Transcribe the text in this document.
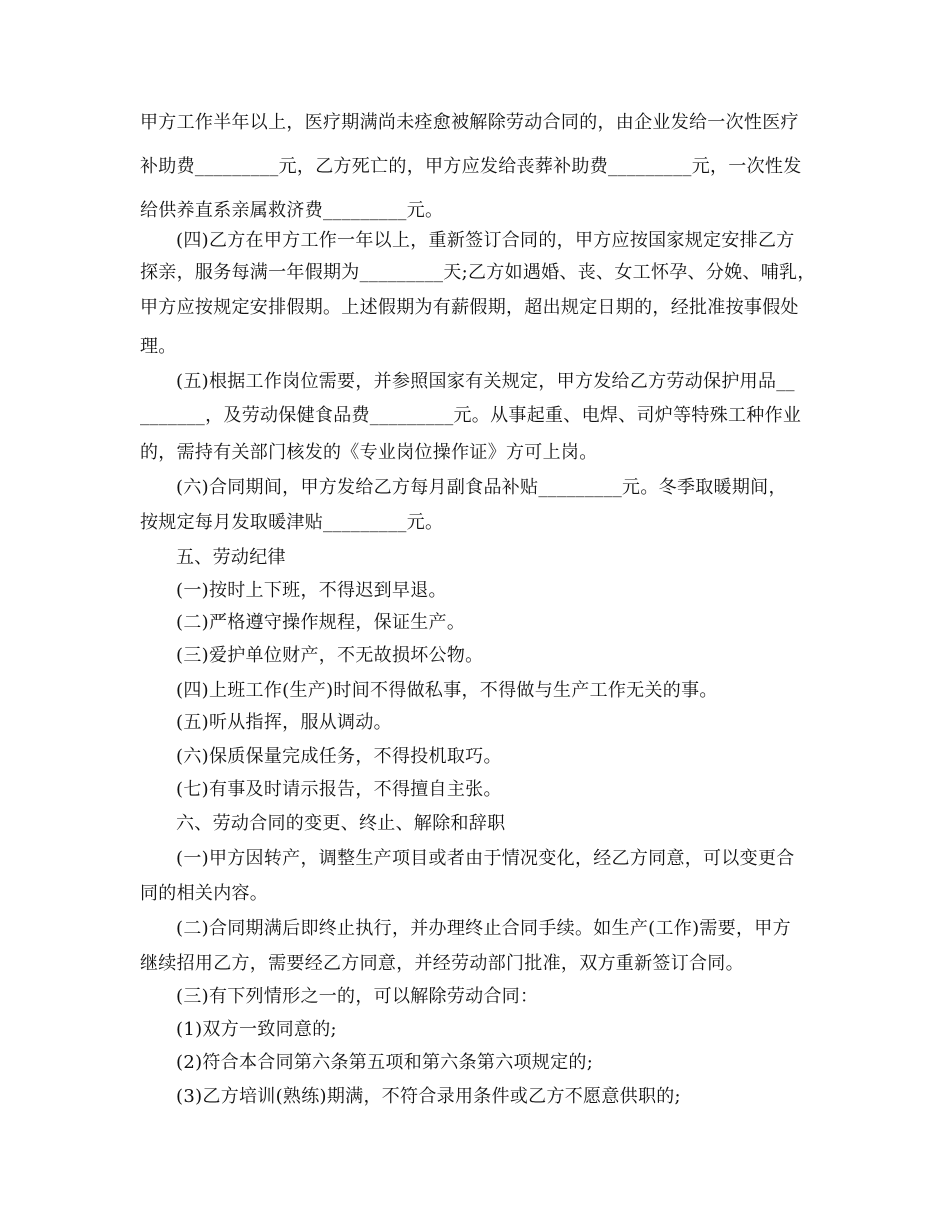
甲方工作半年以上，医疗期满尚未痊愈被解除劳动合同的，由企业发给一次性医疗
补助费_________元，乙方死亡的，甲方应发给丧葬补助费_________元，一次性发
给供养直系亲属救济费_________元。
(四)乙方在甲方工作一年以上，重新签订合同的，甲方应按国家规定安排乙方
探亲，服务每满一年假期为_________天;乙方如遇婚、丧、女工怀孕、分娩、哺乳，
甲方应按规定安排假期。上述假期为有薪假期，超出规定日期的，经批准按事假处
理。
(五)根据工作岗位需要，并参照国家有关规定，甲方发给乙方劳动保护用品__
_______，及劳动保健食品费_________元。从事起重、电焊、司炉等特殊工种作业
的，需持有关部门核发的《专业岗位操作证》方可上岗。
(六)合同期间，甲方发给乙方每月副食品补贴_________元。冬季取暖期间，
按规定每月发取暖津贴_________元。
五、劳动纪律
(一)按时上下班，不得迟到早退。
(二)严格遵守操作规程，保证生产。
(三)爱护单位财产，不无故损坏公物。
(四)上班工作(生产)时间不得做私事，不得做与生产工作无关的事。
(五)听从指挥，服从调动。
(六)保质保量完成任务，不得投机取巧。
(七)有事及时请示报告，不得擅自主张。
六、劳动合同的变更、终止、解除和辞职
(一)甲方因转产，调整生产项目或者由于情况变化，经乙方同意，可以变更合
同的相关内容。
(二)合同期满后即终止执行，并办理终止合同手续。如生产(工作)需要，甲方
继续招用乙方，需要经乙方同意，并经劳动部门批准，双方重新签订合同。
(三)有下列情形之一的，可以解除劳动合同：
(1)双方一致同意的;
(2)符合本合同第六条第五项和第六条第六项规定的;
(3)乙方培训(熟练)期满，不符合录用条件或乙方不愿意供职的;
